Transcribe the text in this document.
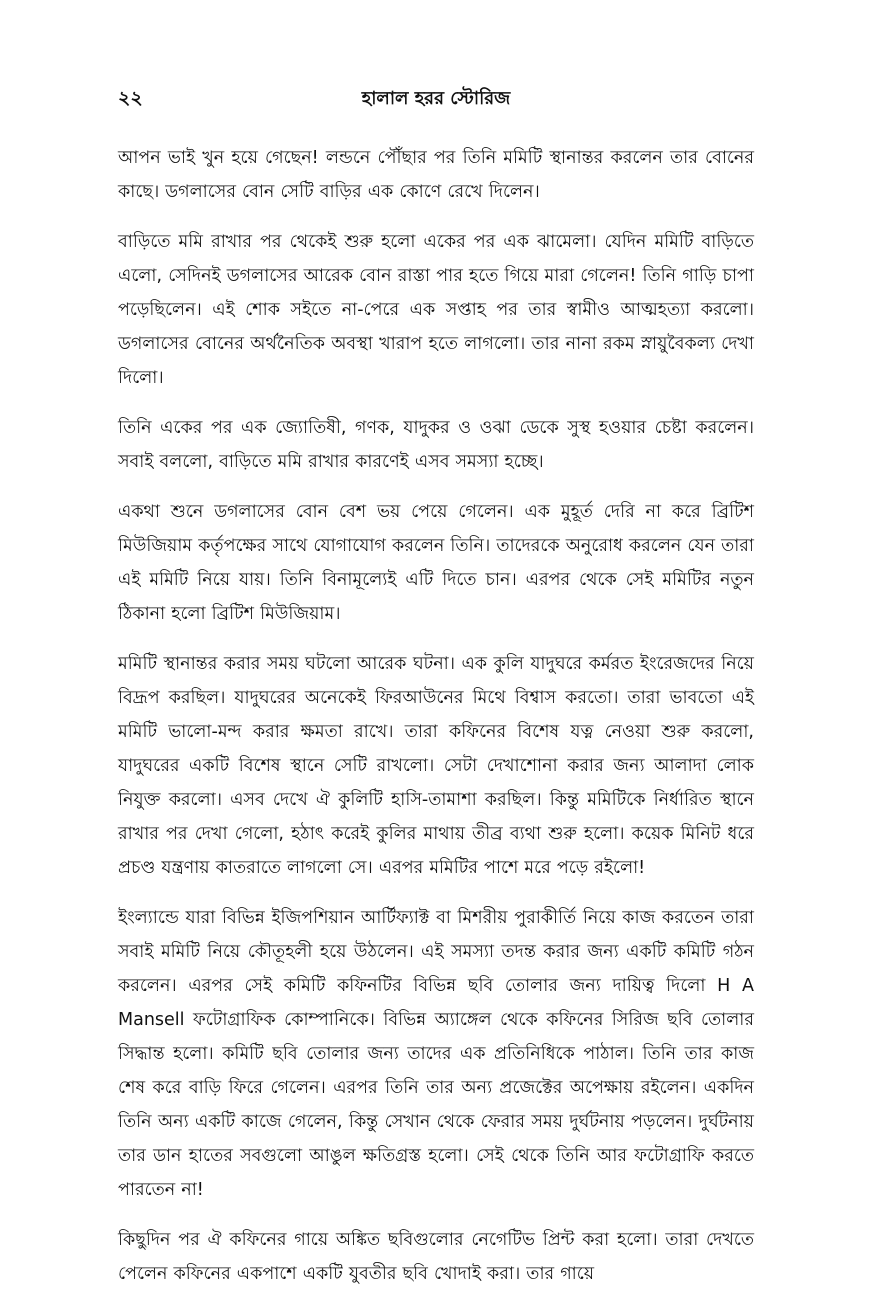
২২	হালাল হরর স্টোরিজ

আপন ভাই খুন হয়ে গেছেন! লন্ডনে পৌঁছার পর তিনি মমিটি স্থানান্তর করলেন তার বোনের কাছে। ডগলাসের বোন সেটি বাড়ির এক কোণে রেখে দিলেন।

বাড়িতে মমি রাখার পর থেকেই শুরু হলো একের পর এক ঝামেলা। যেদিন মমিটি বাড়িতে এলো, সেদিনই ডগলাসের আরেক বোন রাস্তা পার হতে গিয়ে মারা গেলেন! তিনি গাড়ি চাপা পড়েছিলেন। এই শোক সইতে না-পেরে এক সপ্তাহ পর তার স্বামীও আত্মহত্যা করলো। ডগলাসের বোনের অর্থনৈতিক অবস্থা খারাপ হতে লাগলো। তার নানা রকম স্নায়ুবৈকল্য দেখা দিলো।

তিনি একের পর এক জ্যোতিষী, গণক, যাদুকর ও ওঝা ডেকে সুস্থ হওয়ার চেষ্টা করলেন। সবাই বললো, বাড়িতে মমি রাখার কারণেই এসব সমস্যা হচ্ছে।

একথা শুনে ডগলাসের বোন বেশ ভয় পেয়ে গেলেন। এক মুহূর্ত দেরি না করে ব্রিটিশ মিউজিয়াম কর্তৃপক্ষের সাথে যোগাযোগ করলেন তিনি। তাদেরকে অনুরোধ করলেন যেন তারা এই মমিটি নিয়ে যায়। তিনি বিনামূল্যেই এটি দিতে চান। এরপর থেকে সেই মমিটির নতুন ঠিকানা হলো ব্রিটিশ মিউজিয়াম।

মমিটি স্থানান্তর করার সময় ঘটলো আরেক ঘটনা। এক কুলি যাদুঘরে কর্মরত ইংরেজদের নিয়ে বিদ্রূপ করছিল। যাদুঘরের অনেকেই ফিরআউনের মিথে বিশ্বাস করতো। তারা ভাবতো এই মমিটি ভালো-মন্দ করার ক্ষমতা রাখে। তারা কফিনের বিশেষ যত্ন নেওয়া শুরু করলো, যাদুঘরের একটি বিশেষ স্থানে সেটি রাখলো। সেটা দেখাশোনা করার জন্য আলাদা লোক নিযুক্ত করলো। এসব দেখে ঐ কুলিটি হাসি-তামাশা করছিল। কিন্তু মমিটিকে নির্ধারিত স্থানে রাখার পর দেখা গেলো, হঠাৎ করেই কুলির মাথায় তীব্র ব্যথা শুরু হলো। কয়েক মিনিট ধরে প্রচণ্ড যন্ত্রণায় কাতরাতে লাগলো সে। এরপর মমিটির পাশে মরে পড়ে রইলো!

ইংল্যান্ডে যারা বিভিন্ন ইজিপশিয়ান আর্টিফ্যাক্ট বা মিশরীয় পুরাকীর্তি নিয়ে কাজ করতেন তারা সবাই মমিটি নিয়ে কৌতূহলী হয়ে উঠলেন। এই সমস্যা তদন্ত করার জন্য একটি কমিটি গঠন করলেন। এরপর সেই কমিটি কফিনটির বিভিন্ন ছবি তোলার জন্য দায়িত্ব দিলো H A Mansell ফটোগ্রাফিক কোম্পানিকে। বিভিন্ন অ্যাঙ্গেল থেকে কফিনের সিরিজ ছবি তোলার সিদ্ধান্ত হলো। কমিটি ছবি তোলার জন্য তাদের এক প্রতিনিধিকে পাঠাল। তিনি তার কাজ শেষ করে বাড়ি ফিরে গেলেন। এরপর তিনি তার অন্য প্রজেক্টের অপেক্ষায় রইলেন। একদিন তিনি অন্য একটি কাজে গেলেন, কিন্তু সেখান থেকে ফেরার সময় দুর্ঘটনায় পড়লেন। দুর্ঘটনায় তার ডান হাতের সবগুলো আঙুল ক্ষতিগ্রস্ত হলো। সেই থেকে তিনি আর ফটোগ্রাফি করতে পারতেন না!

কিছুদিন পর ঐ কফিনের গায়ে অঙ্কিত ছবিগুলোর নেগেটিভ প্রিন্ট করা হলো। তারা দেখতে পেলেন কফিনের একপাশে একটি যুবতীর ছবি খোদাই করা। তার গায়ে
